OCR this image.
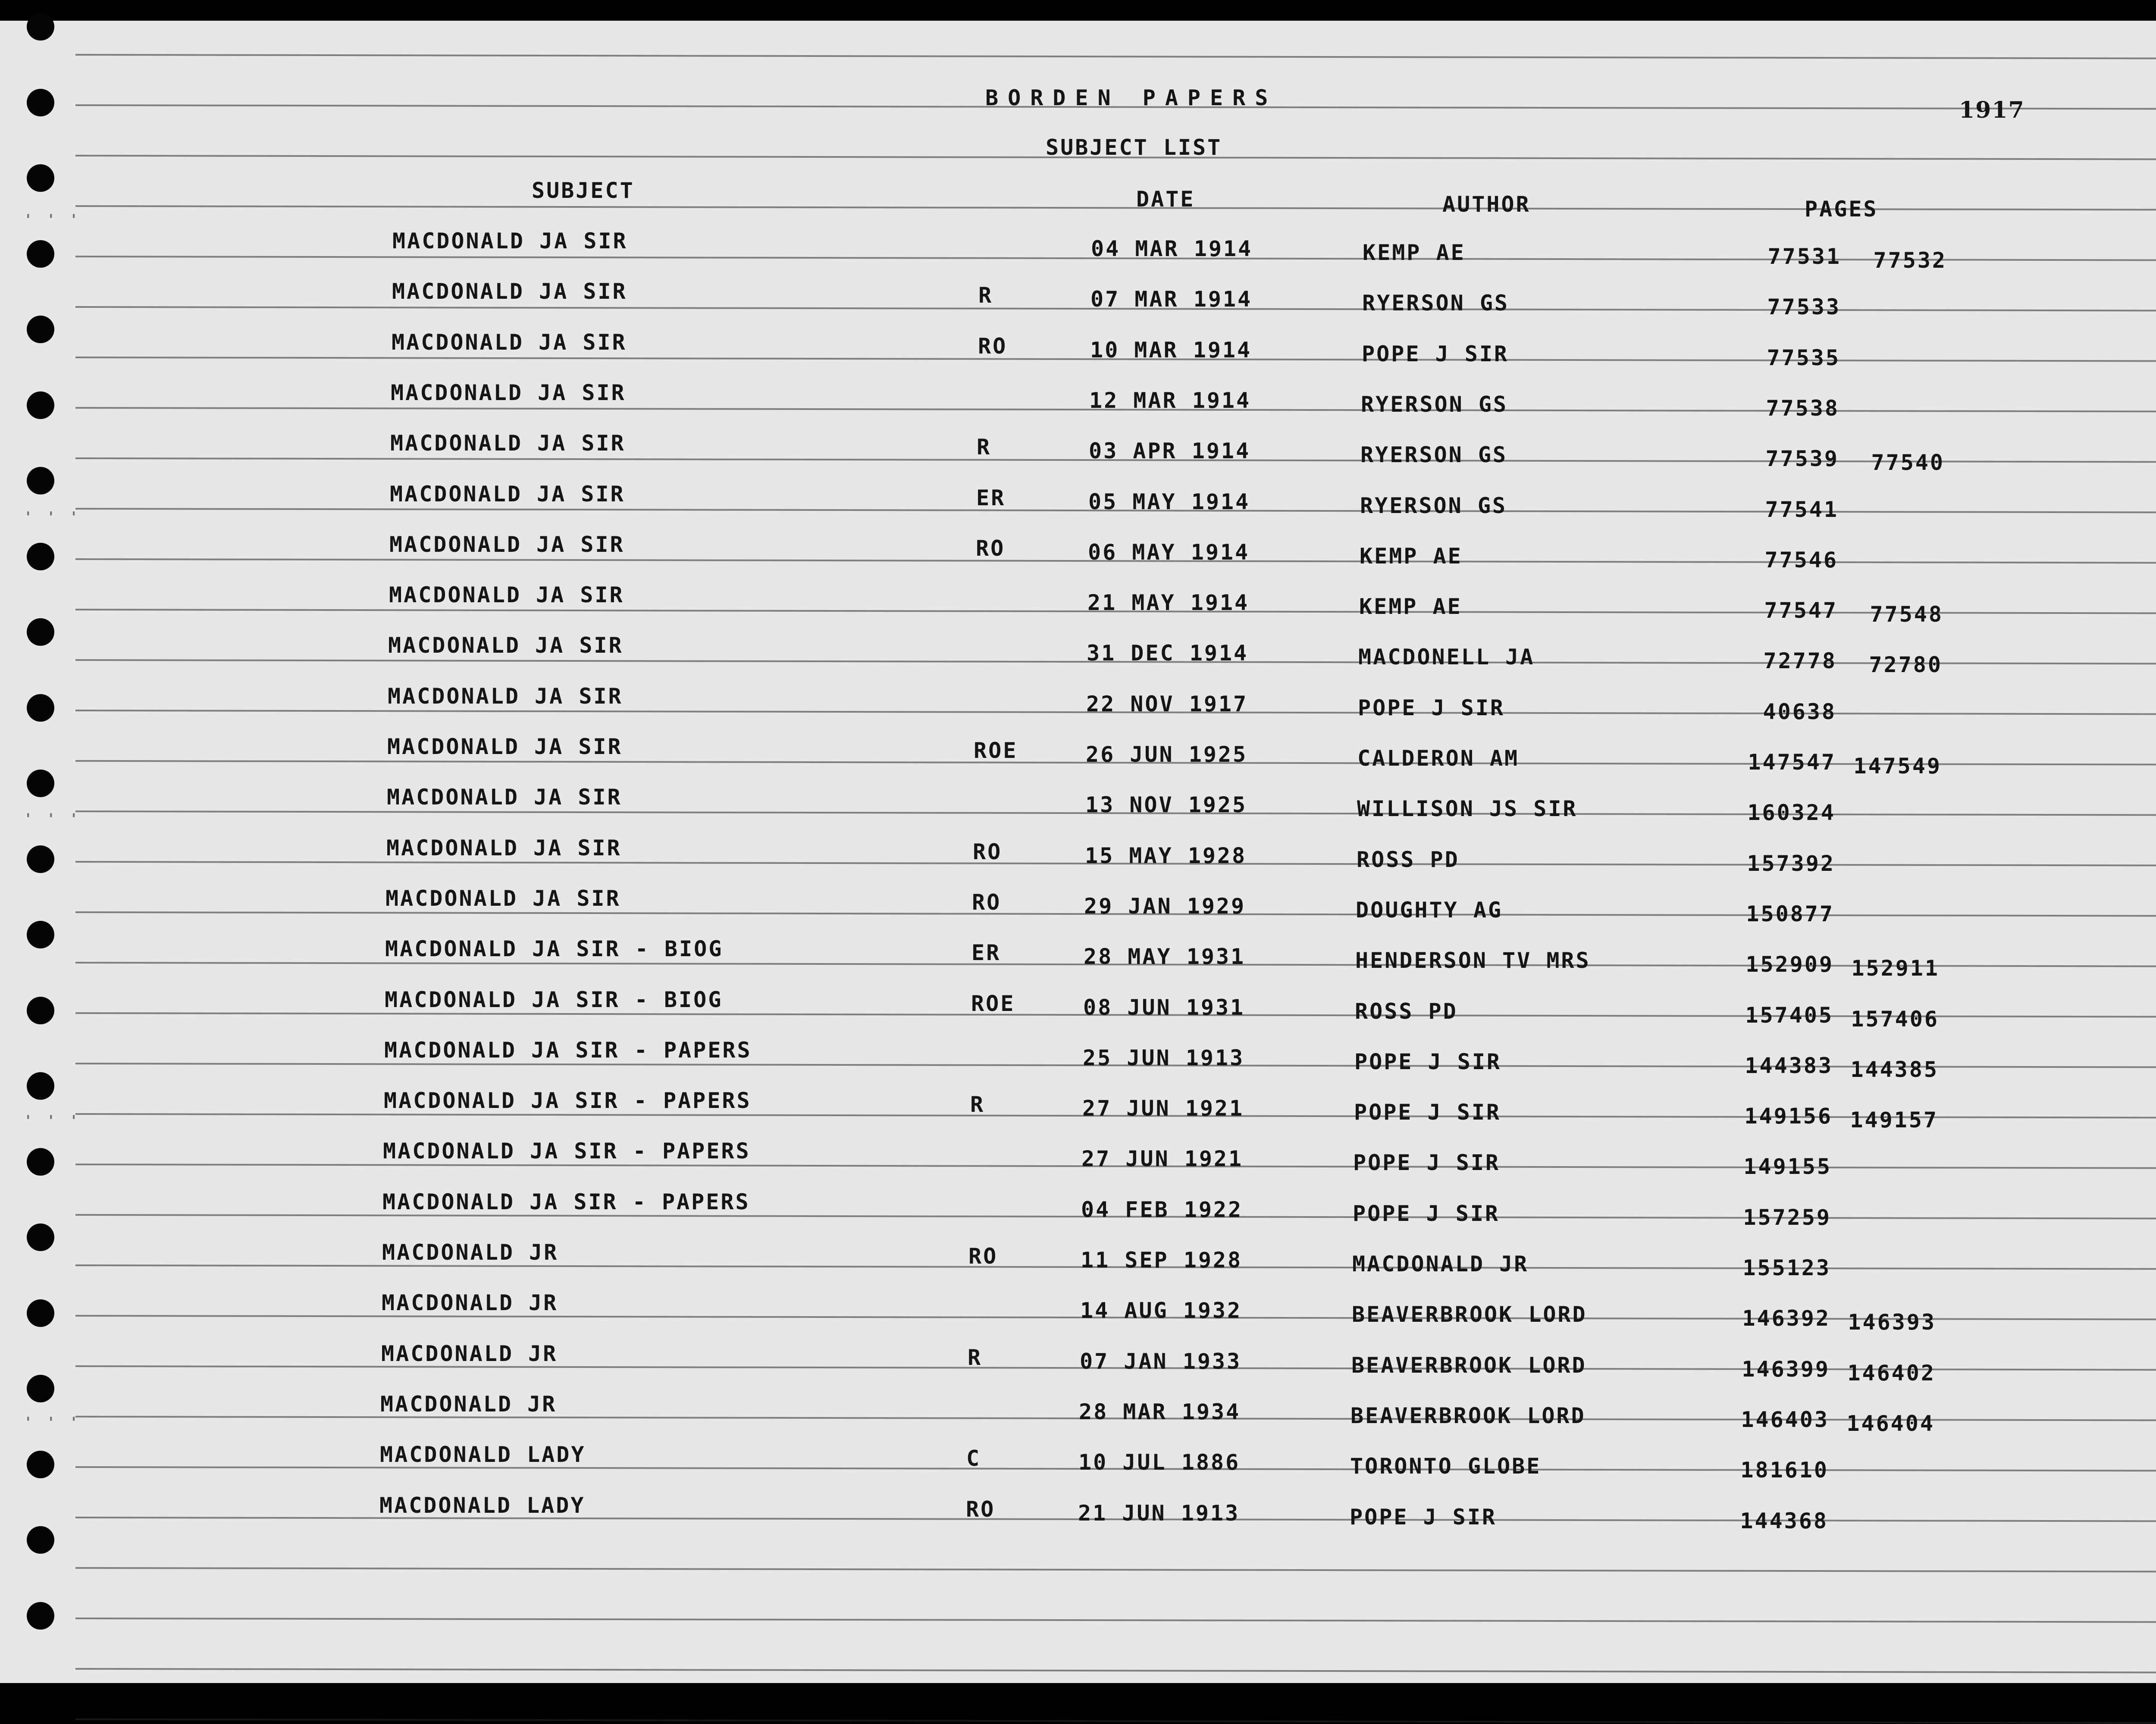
' ' '
' ' '
' ' '
' ' '
' ' '
BORDEN PAPERS
SUBJECT LIST
1917
SUBJECT	DATE	AUTHOR	PAGES
MACDONALD JA SIR	04 MAR 1914	KEMP AE	77531	77532
MACDONALD JA SIR	R	07 MAR 1914	RYERSON GS	77533
MACDONALD JA SIR	RO	10 MAR 1914	POPE J SIR	77535
MACDONALD JA SIR	12 MAR 1914	RYERSON GS	77538
MACDONALD JA SIR	R	03 APR 1914	RYERSON GS	77539	77540
MACDONALD JA SIR	ER	05 MAY 1914	RYERSON GS	77541
MACDONALD JA SIR	RO	06 MAY 1914	KEMP AE	77546
MACDONALD JA SIR	21 MAY 1914	KEMP AE	77547	77548
MACDONALD JA SIR	31 DEC 1914	MACDONELL JA	72778	72780
MACDONALD JA SIR	22 NOV 1917	POPE J SIR	40638
MACDONALD JA SIR	ROE	26 JUN 1925	CALDERON AM	147547 147549
MACDONALD JA SIR	13 NOV 1925	WILLISON JS SIR	160324
MACDONALD JA SIR	RO	15 MAY 1928	ROSS PD	157392
MACDONALD JA SIR	RO	29 JAN 1929	DOUGHTY AG	150877
MACDONALD JA SIR - BIOG	ER	28 MAY 1931	HENDERSON TV MRS	152909 152911
MACDONALD JA SIR - BIOG	ROE	08 JUN 1931	ROSS PD	157405 157406
MACDONALD JA SIR - PAPERS	25 JUN 1913	POPE J SIR	144383 144385
MACDONALD JA SIR - PAPERS	R	27 JUN 1921	POPE J SIR	149156 149157
MACDONALD JA SIR - PAPERS	27 JUN 1921	POPE J SIR	149155
MACDONALD JA SIR - PAPERS	04 FEB 1922	POPE J SIR	157259
MACDONALD JR	RO	11 SEP 1928	MACDONALD JR	155123
MACDONALD JR	14 AUG 1932	BEAVERBROOK LORD	146392 146393
MACDONALD JR	R	07 JAN 1933	BEAVERBROOK LORD	146399 146402
MACDONALD JR	28 MAR 1934	BEAVERBROOK LORD	146403 146404
MACDONALD LADY	C	10 JUL 1886	TORONTO GLOBE	181610
MACDONALD LADY	RO	21 JUN 1913	POPE J SIR	144368
